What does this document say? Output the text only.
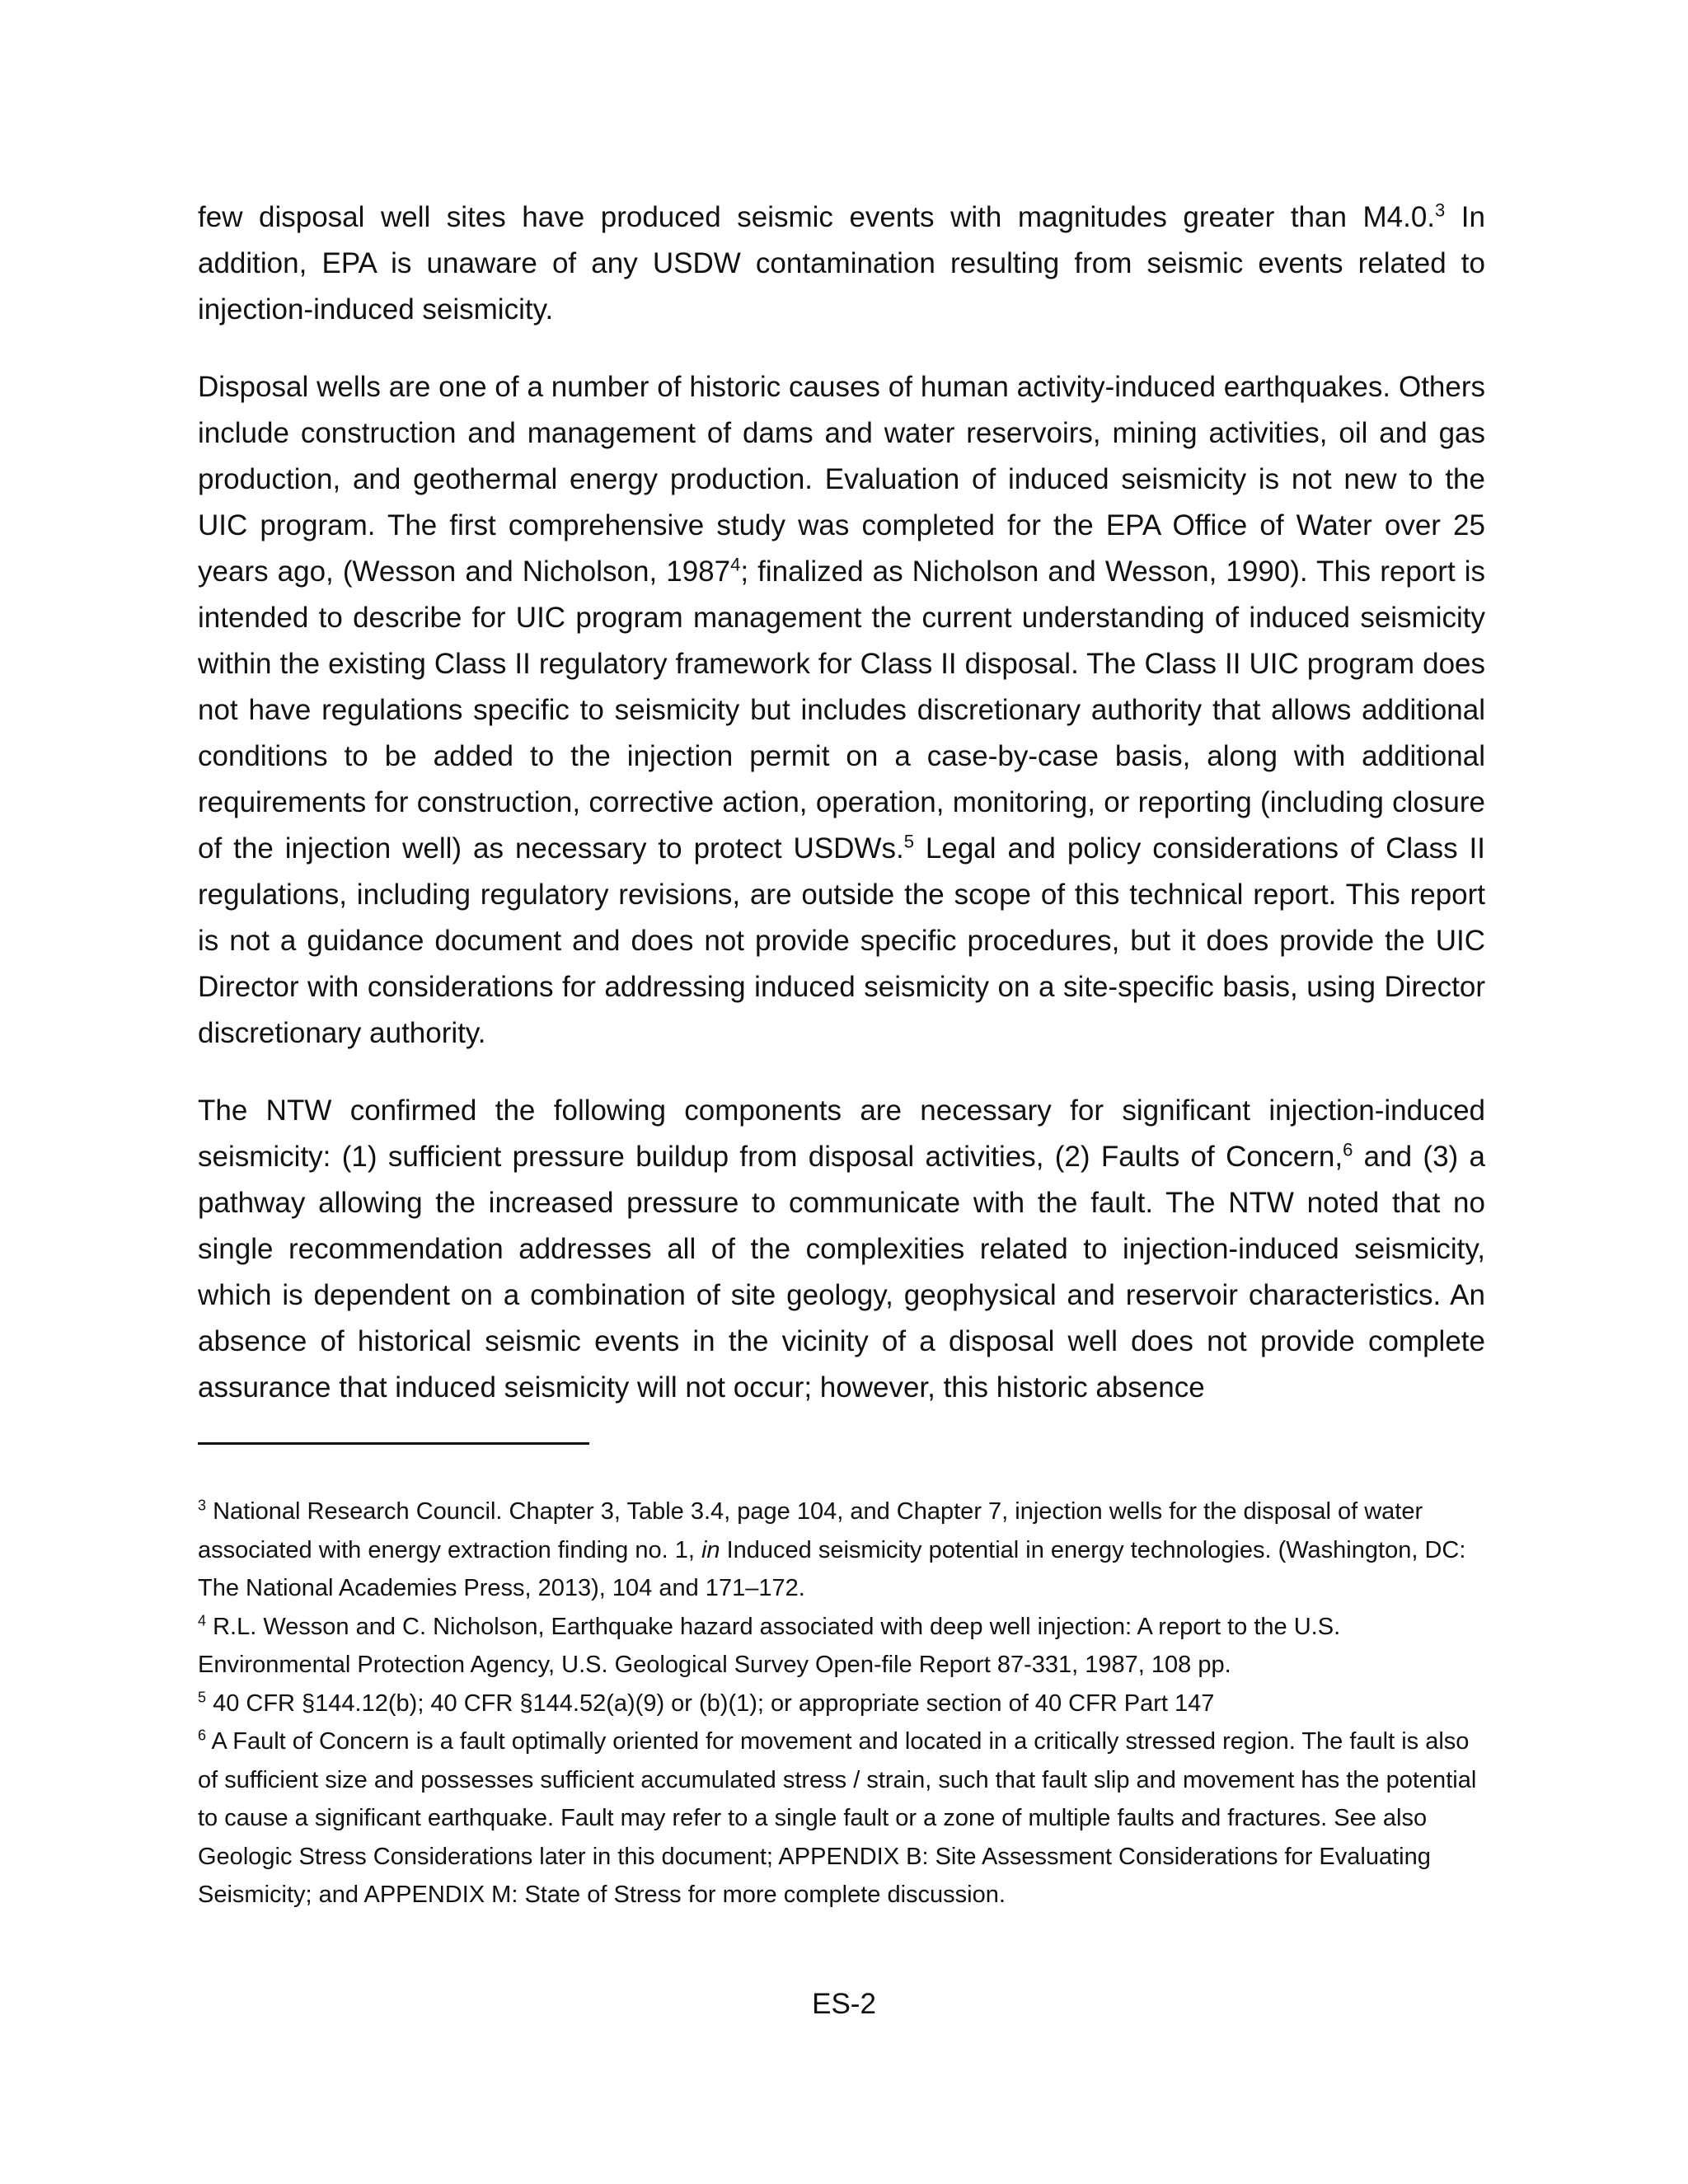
few disposal well sites have produced seismic events with magnitudes greater than M4.0.$^3$ In addition, EPA is unaware of any USDW contamination resulting from seismic events related to injection-induced seismicity.

Disposal wells are one of a number of historic causes of human activity-induced earthquakes. Others include construction and management of dams and water reservoirs, mining activities, oil and gas production, and geothermal energy production. Evaluation of induced seismicity is not new to the UIC program. The first comprehensive study was completed for the EPA Office of Water over 25 years ago, (Wesson and Nicholson, 1987$^4$; finalized as Nicholson and Wesson, 1990). This report is intended to describe for UIC program management the current understanding of induced seismicity within the existing Class II regulatory framework for Class II disposal. The Class II UIC program does not have regulations specific to seismicity but includes discretionary authority that allows additional conditions to be added to the injection permit on a case-by-case basis, along with additional requirements for construction, corrective action, operation, monitoring, or reporting (including closure of the injection well) as necessary to protect USDWs.$^5$ Legal and policy considerations of Class II regulations, including regulatory revisions, are outside the scope of this technical report. This report is not a guidance document and does not provide specific procedures, but it does provide the UIC Director with considerations for addressing induced seismicity on a site-specific basis, using Director discretionary authority.

The NTW confirmed the following components are necessary for significant injection-induced seismicity: (1) sufficient pressure buildup from disposal activities, (2) Faults of Concern,$^6$ and (3) a pathway allowing the increased pressure to communicate with the fault. The NTW noted that no single recommendation addresses all of the complexities related to injection-induced seismicity, which is dependent on a combination of site geology, geophysical and reservoir characteristics. An absence of historical seismic events in the vicinity of a disposal well does not provide complete assurance that induced seismicity will not occur; however, this historic absence

$^3$ National Research Council. Chapter 3, Table 3.4, page 104, and Chapter 7, injection wells for the disposal of water associated with energy extraction finding no. 1, in Induced seismicity potential in energy technologies. (Washington, DC: The National Academies Press, 2013), 104 and 171–172.

$^4$ R.L. Wesson and C. Nicholson, Earthquake hazard associated with deep well injection: A report to the U.S. Environmental Protection Agency, U.S. Geological Survey Open-file Report 87-331, 1987, 108 pp.

$^5$ 40 CFR §144.12(b); 40 CFR §144.52(a)(9) or (b)(1); or appropriate section of 40 CFR Part 147

$^6$ A Fault of Concern is a fault optimally oriented for movement and located in a critically stressed region. The fault is also of sufficient size and possesses sufficient accumulated stress / strain, such that fault slip and movement has the potential to cause a significant earthquake. Fault may refer to a single fault or a zone of multiple faults and fractures. See also Geologic Stress Considerations later in this document; APPENDIX B: Site Assessment Considerations for Evaluating Seismicity; and APPENDIX M: State of Stress for more complete discussion.

ES-2
